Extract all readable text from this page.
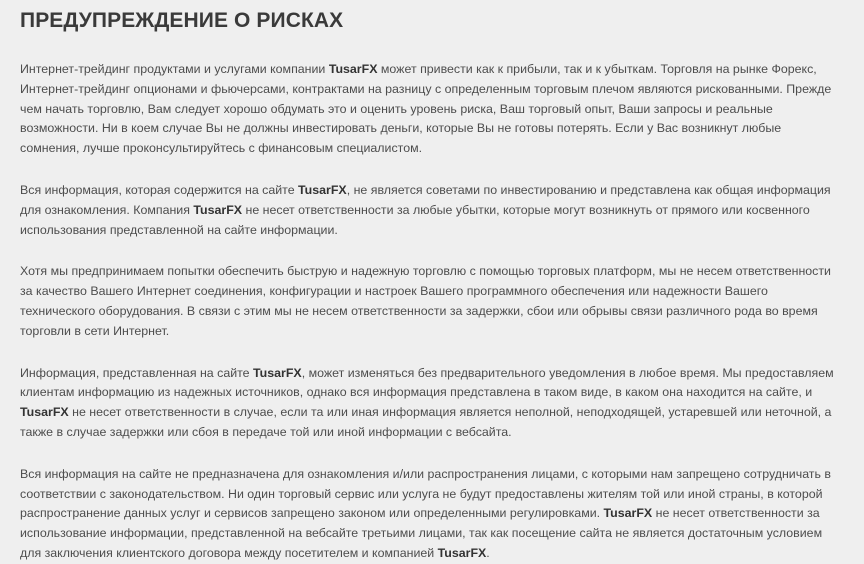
ПРЕДУПРЕЖДЕНИЕ О РИСКАХ

Интернет-трейдинг продуктами и услугами компании TusarFX может привести как к прибыли, так и к убыткам. Торговля на рынке Форекс, Интернет-трейдинг опционами и фьючерсами, контрактами на разницу с определенным торговым плечом являются рискованными. Прежде чем начать торговлю, Вам следует хорошо обдумать это и оценить уровень риска, Ваш торговый опыт, Ваши запросы и реальные возможности. Ни в коем случае Вы не должны инвестировать деньги, которые Вы не готовы потерять. Если у Вас возникнут любые сомнения, лучше проконсультируйтесь с финансовым специалистом.

Вся информация, которая содержится на сайте TusarFX, не является советами по инвестированию и представлена как общая информация для ознакомления. Компания TusarFX не несет ответственности за любые убытки, которые могут возникнуть от прямого или косвенного использования представленной на сайте информации.

Хотя мы предпринимаем попытки обеспечить быструю и надежную торговлю с помощью торговых платформ, мы не несем ответственности за качество Вашего Интернет соединения, конфигурации и настроек Вашего программного обеспечения или надежности Вашего технического оборудования. В связи с этим мы не несем ответственности за задержки, сбои или обрывы связи различного рода во время торговли в сети Интернет.

Информация, представленная на сайте TusarFX, может изменяться без предварительного уведомления в любое время. Мы предоставляем клиентам информацию из надежных источников, однако вся информация представлена в таком виде, в каком она находится на сайте, и TusarFX не несет ответственности в случае, если та или иная информация является неполной, неподходящей, устаревшей или неточной, а также в случае задержки или сбоя в передаче той или иной информации с вебсайта.

Вся информация на сайте не предназначена для ознакомления и/или распространения лицами, с которыми нам запрещено сотрудничать в соответствии с законодательством. Ни один торговый сервис или услуга не будут предоставлены жителям той или иной страны, в которой распространение данных услуг и сервисов запрещено законом или определенными регулировками. TusarFX не несет ответственности за использование информации, представленной на вебсайте третьими лицами, так как посещение сайта не является достаточным условием для заключения клиентского договора между посетителем и компанией TusarFX.
